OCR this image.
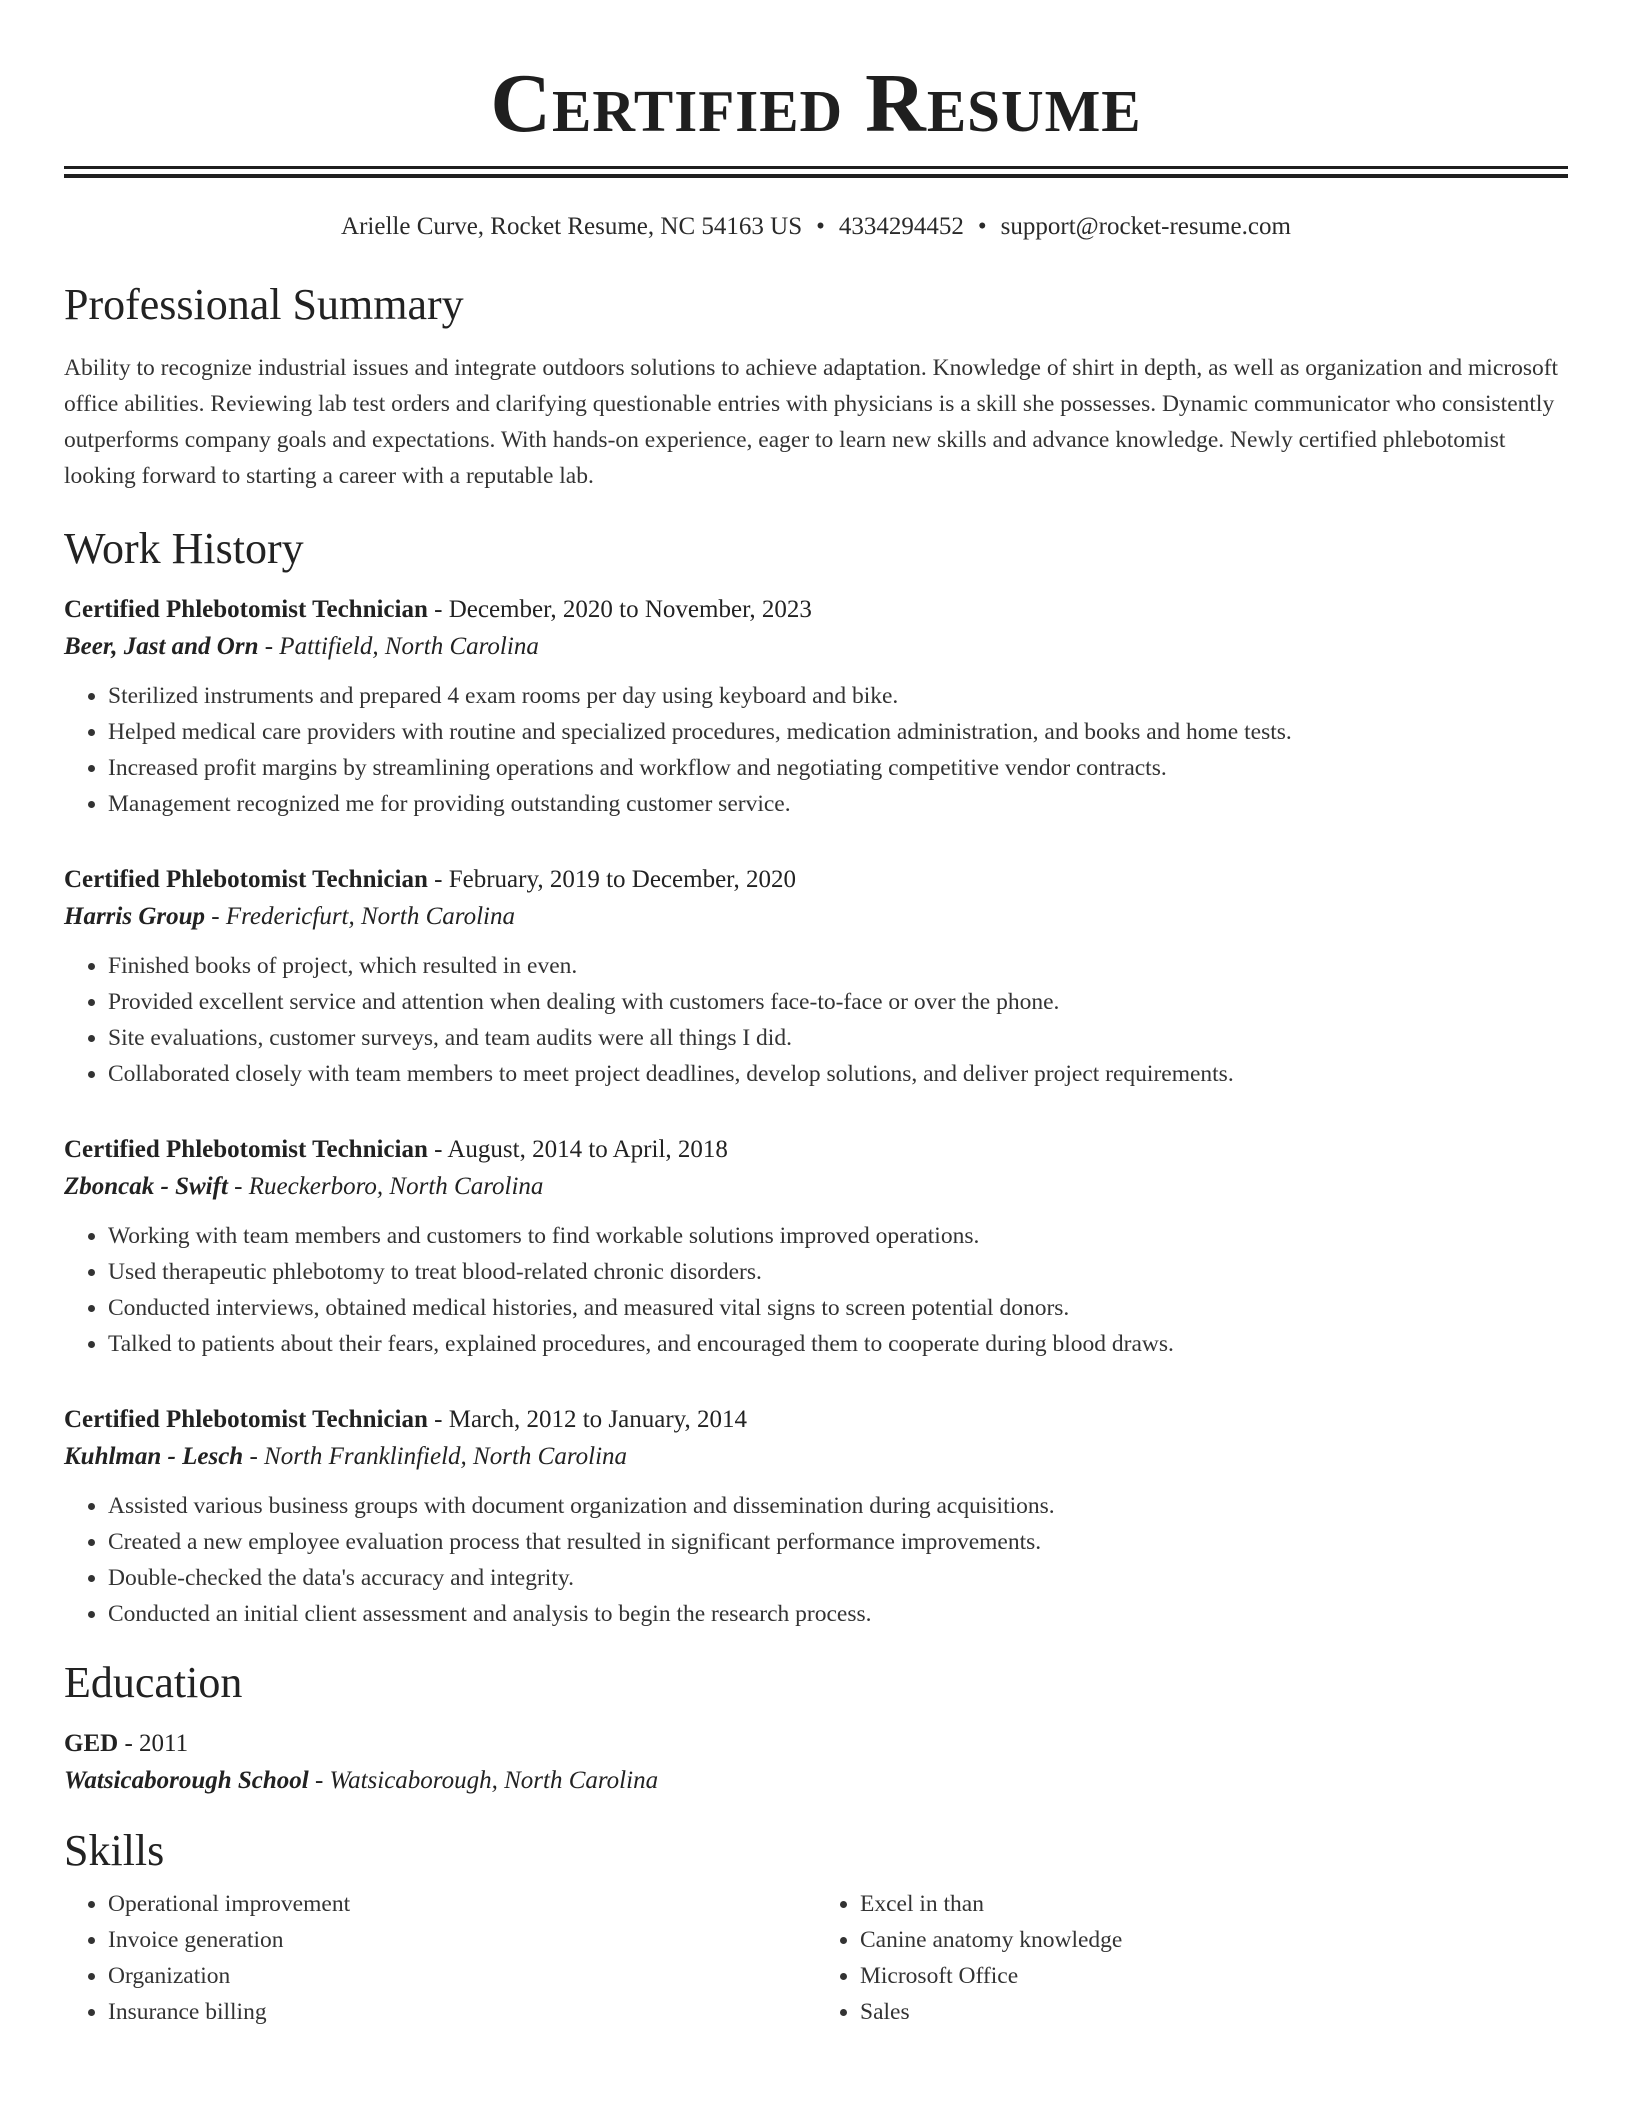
Certified Resume
Arielle Curve, Rocket Resume, NC 54163 US • 4334294452 • support@rocket-resume.com
Professional Summary
Ability to recognize industrial issues and integrate outdoors solutions to achieve adaptation. Knowledge of shirt in depth, as well as organization and microsoft office abilities. Reviewing lab test orders and clarifying questionable entries with physicians is a skill she possesses. Dynamic communicator who consistently outperforms company goals and expectations. With hands-on experience, eager to learn new skills and advance knowledge. Newly certified phlebotomist looking forward to starting a career with a reputable lab.
Work History
Certified Phlebotomist Technician - December, 2020 to November, 2023
Beer, Jast and Orn - Pattifield, North Carolina
• Sterilized instruments and prepared 4 exam rooms per day using keyboard and bike.
• Helped medical care providers with routine and specialized procedures, medication administration, and books and home tests.
• Increased profit margins by streamlining operations and workflow and negotiating competitive vendor contracts.
• Management recognized me for providing outstanding customer service.
Certified Phlebotomist Technician - February, 2019 to December, 2020
Harris Group - Fredericfurt, North Carolina
• Finished books of project, which resulted in even.
• Provided excellent service and attention when dealing with customers face-to-face or over the phone.
• Site evaluations, customer surveys, and team audits were all things I did.
• Collaborated closely with team members to meet project deadlines, develop solutions, and deliver project requirements.
Certified Phlebotomist Technician - August, 2014 to April, 2018
Zboncak - Swift - Rueckerboro, North Carolina
• Working with team members and customers to find workable solutions improved operations.
• Used therapeutic phlebotomy to treat blood-related chronic disorders.
• Conducted interviews, obtained medical histories, and measured vital signs to screen potential donors.
• Talked to patients about their fears, explained procedures, and encouraged them to cooperate during blood draws.
Certified Phlebotomist Technician - March, 2012 to January, 2014
Kuhlman - Lesch - North Franklinfield, North Carolina
• Assisted various business groups with document organization and dissemination during acquisitions.
• Created a new employee evaluation process that resulted in significant performance improvements.
• Double-checked the data's accuracy and integrity.
• Conducted an initial client assessment and analysis to begin the research process.
Education
GED - 2011
Watsicaborough School - Watsicaborough, North Carolina
Skills
• Operational improvement
• Invoice generation
• Organization
• Insurance billing
• Excel in than
• Canine anatomy knowledge
• Microsoft Office
• Sales
